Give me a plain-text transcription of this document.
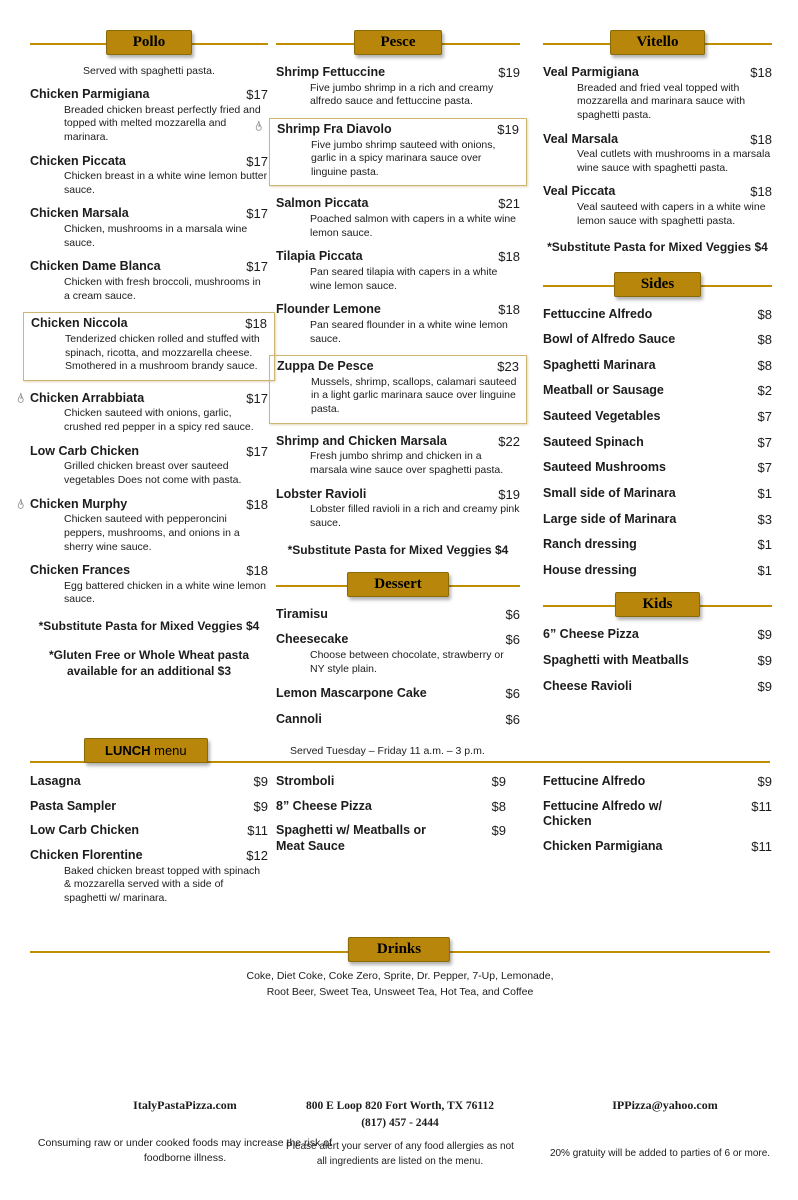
Pollo
Served with spaghetti pasta.
Chicken Parmigiana	$17
Breaded chicken breast perfectly fried and topped with melted mozzarella and marinara.
Chicken Piccata	$17
Chicken breast in a white wine lemon butter sauce.
Chicken Marsala	$17
Chicken, mushrooms in a marsala wine sauce.
Chicken Dame Blanca	$17
Chicken with fresh broccoli, mushrooms in a cream sauce.
Chicken Niccola	$18
Tenderized chicken rolled and stuffed with spinach, ricotta, and mozzarella cheese. Smothered in a mushroom brandy sauce.
Chicken Arrabbiata	$17
Chicken sauteed with onions, garlic, crushed red pepper in a spicy red sauce.
Low Carb Chicken	$17
Grilled chicken breast over sauteed vegetables Does not come with pasta.
Chicken Murphy	$18
Chicken sauteed with pepperoncini peppers, mushrooms, and onions in a sherry wine sauce.
Chicken Frances	$18
Egg battered chicken in a white wine lemon sauce.
*Substitute Pasta for Mixed Veggies $4
*Gluten Free or Whole Wheat pasta available for an additional $3
Pesce
Shrimp Fettuccine	$19
Five jumbo shrimp in a rich and creamy alfredo sauce and fettuccine pasta.
Shrimp Fra Diavolo	$19
Five jumbo shrimp sauteed with onions, garlic in a spicy marinara sauce over linguine pasta.
Salmon Piccata	$21
Poached salmon with capers in a white wine lemon sauce.
Tilapia Piccata	$18
Pan seared tilapia with capers in a white wine lemon sauce.
Flounder Lemone	$18
Pan seared flounder in a white wine lemon sauce.
Zuppa De Pesce	$23
Mussels, shrimp, scallops, calamari sauteed in a light garlic marinara sauce over linguine pasta.
Shrimp and Chicken Marsala	$22
Fresh jumbo shrimp and chicken in a marsala wine sauce over spaghetti pasta.
Lobster Ravioli	$19
Lobster filled ravioli in a rich and creamy pink sauce.
*Substitute Pasta for Mixed Veggies $4
Dessert
Tiramisu	$6
Cheesecake	$6
Choose between chocolate, strawberry or NY style plain.
Lemon Mascarpone Cake	$6
Cannoli	$6
Vitello
Veal Parmigiana	$18
Breaded and fried veal topped with mozzarella and marinara sauce with spaghetti pasta.
Veal Marsala	$18
Veal cutlets with mushrooms in a marsala wine sauce with spaghetti pasta.
Veal Piccata	$18
Veal sauteed with capers in a white wine lemon sauce with spaghetti pasta.
*Substitute Pasta for Mixed Veggies $4
Sides
Fettuccine Alfredo	$8
Bowl of Alfredo Sauce	$8
Spaghetti Marinara	$8
Meatball or Sausage	$2
Sauteed Vegetables	$7
Sauteed Spinach	$7
Sauteed Mushrooms	$7
Small side of Marinara	$1
Large side of Marinara	$3
Ranch dressing	$1
House dressing	$1
Kids
6” Cheese Pizza	$9
Spaghetti with Meatballs	$9
Cheese Ravioli	$9
LUNCH menu	Served Tuesday – Friday 11 a.m. – 3 p.m.
Lasagna	$9
Pasta Sampler	$9
Low Carb Chicken	$11
Chicken Florentine	$12
Baked chicken breast topped with spinach & mozzarella served with a side of spaghetti w/ marinara.
Stromboli	$9
8” Cheese Pizza	$8
Spaghetti w/ Meatballs or Meat Sauce
$9
Fettucine Alfredo	$9
Fettucine Alfredo w/ Chicken
$11
Chicken Parmigiana	$11
Drinks
Coke, Diet Coke, Coke Zero, Sprite, Dr. Pepper, 7-Up, Lemonade, Root Beer, Sweet Tea, Unsweet Tea, Hot Tea, and Coffee
ItalyPastaPizza.com
Consuming raw or under cooked foods may increase the risk of foodborne illness.
800 E Loop 820 Fort Worth, TX 76112
(817) 457 - 2444
Please alert your server of any food allergies as not all ingredients are listed on the menu.
IPPizza@yahoo.com
20% gratuity will be added to parties of 6 or more.
